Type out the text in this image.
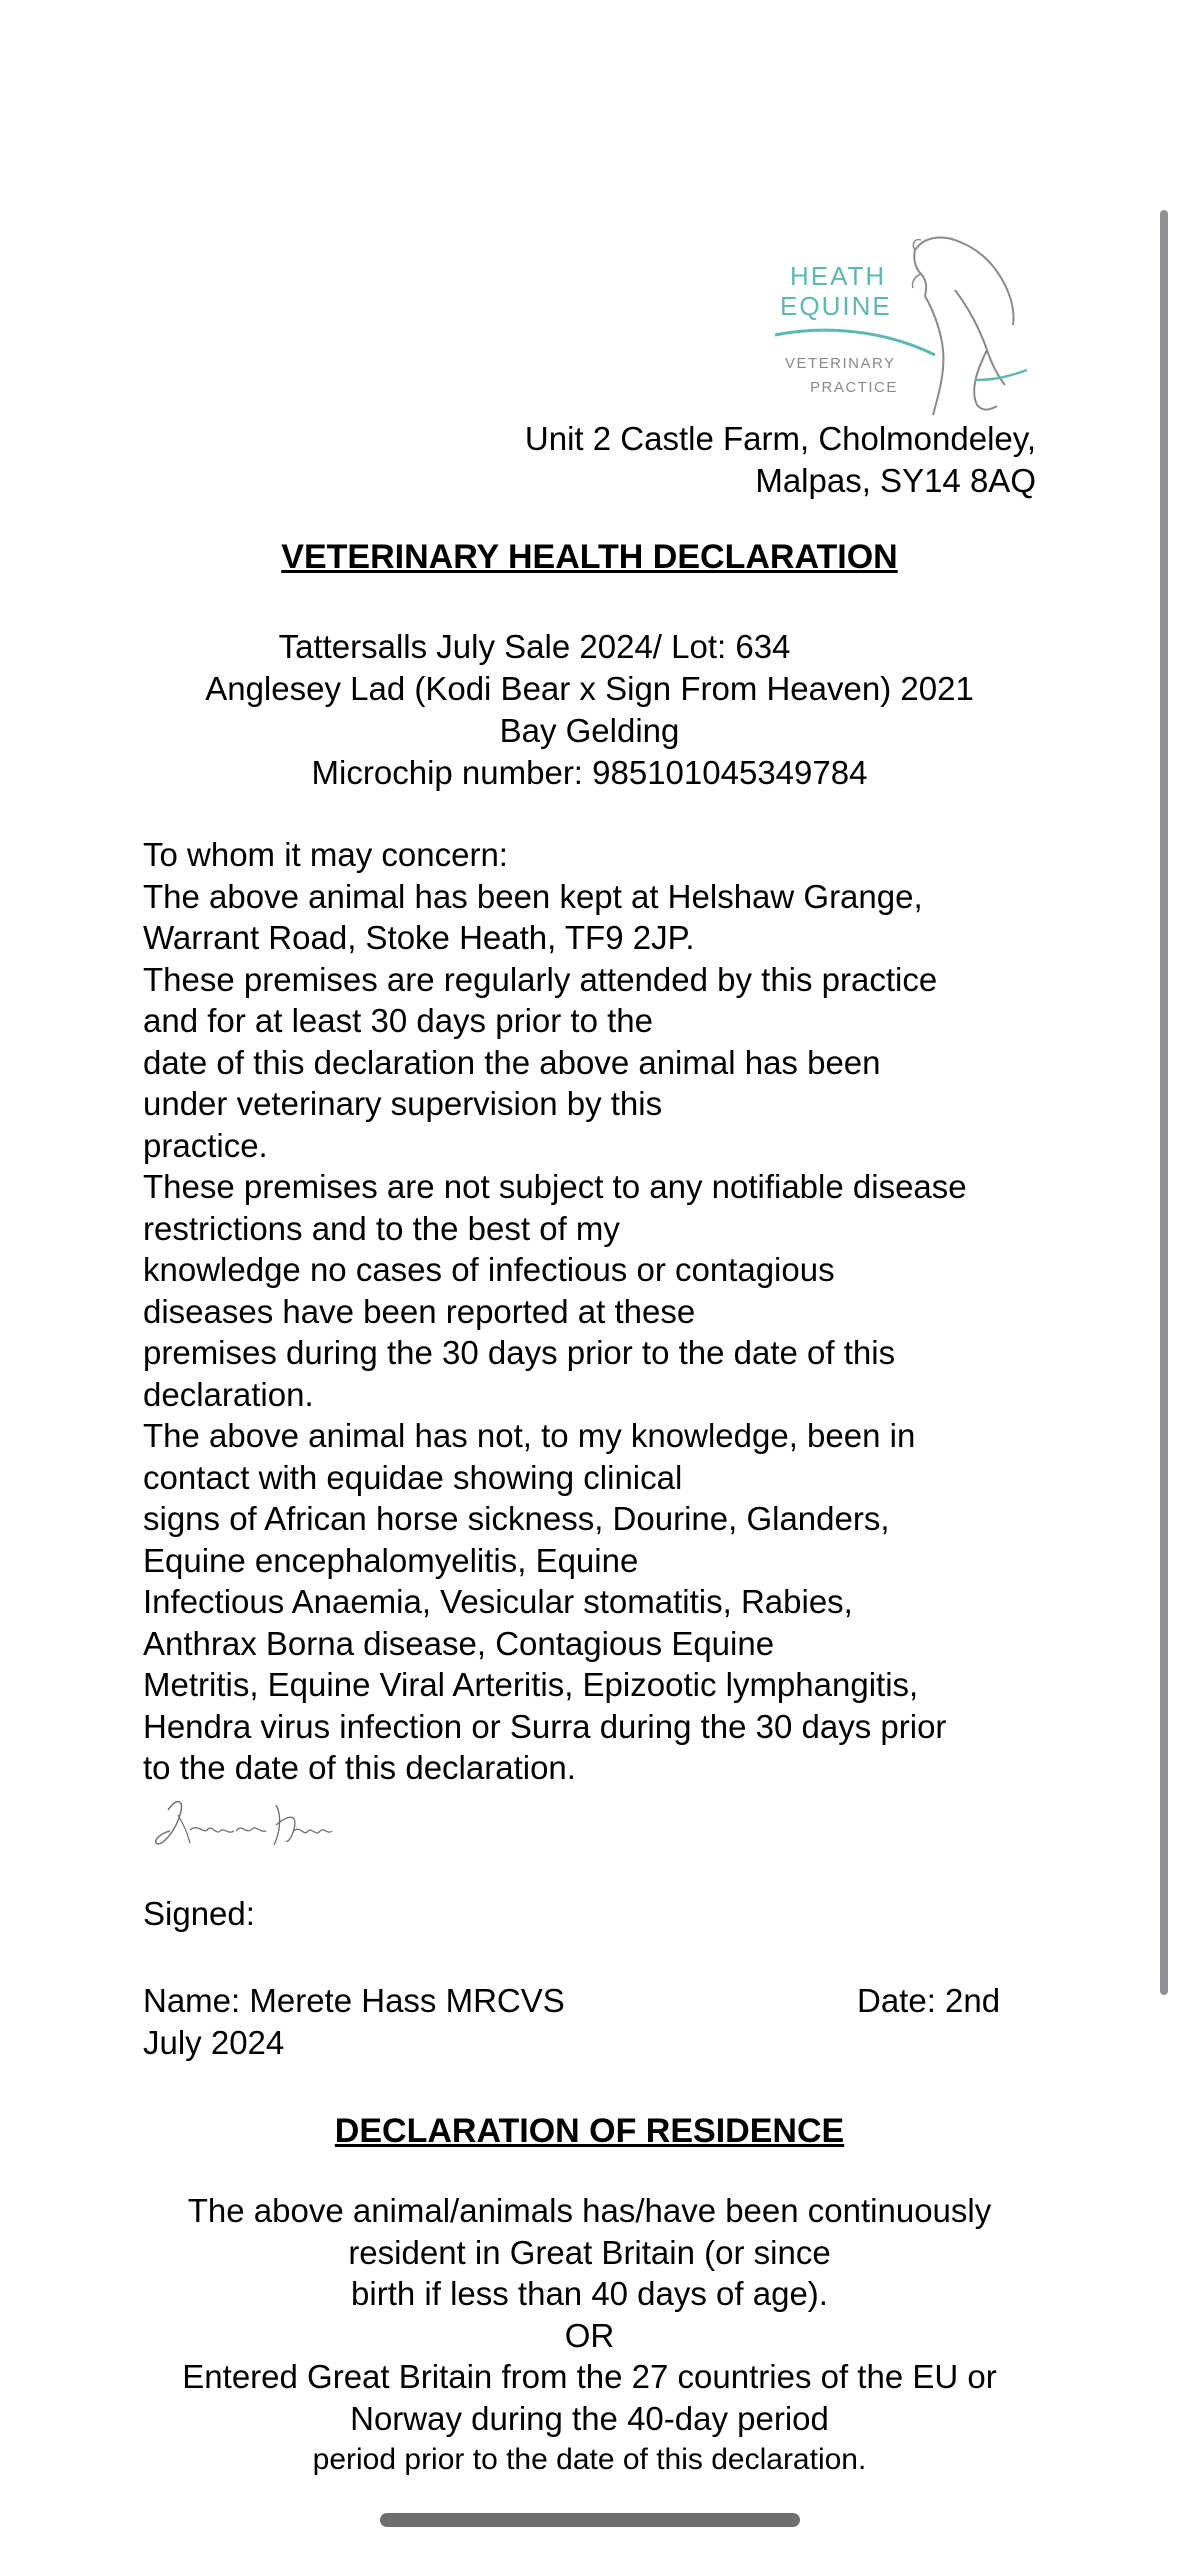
HEATH
EQUINE
VETERINARY
PRACTICE
Unit 2 Castle Farm, Cholmondeley,
Malpas, SY14 8AQ
VETERINARY HEALTH DECLARATION
Tattersalls July Sale 2024/ Lot: 634
Anglesey Lad (Kodi Bear x Sign From Heaven) 2021
Bay Gelding
Microchip number: 985101045349784
To whom it may concern:
The above animal has been kept at Helshaw Grange,
Warrant Road, Stoke Heath, TF9 2JP.
These premises are regularly attended by this practice
and for at least 30 days prior to the
date of this declaration the above animal has been
under veterinary supervision by this
practice.
These premises are not subject to any notifiable disease
restrictions and to the best of my
knowledge no cases of infectious or contagious
diseases have been reported at these
premises during the 30 days prior to the date of this
declaration.
The above animal has not, to my knowledge, been in
contact with equidae showing clinical
signs of African horse sickness, Dourine, Glanders,
Equine encephalomyelitis, Equine
Infectious Anaemia, Vesicular stomatitis, Rabies,
Anthrax Borna disease, Contagious Equine
Metritis, Equine Viral Arteritis, Epizootic lymphangitis,
Hendra virus infection or Surra during the 30 days prior
to the date of this declaration.
Signed:
Name: Merete Hass MRCVS
July 2024
Date: 2nd
DECLARATION OF RESIDENCE
The above animal/animals has/have been continuously
resident in Great Britain (or since
birth if less than 40 days of age).
OR
Entered Great Britain from the 27 countries of the EU or
Norway during the 40-day period
period prior to the date of this declaration.
